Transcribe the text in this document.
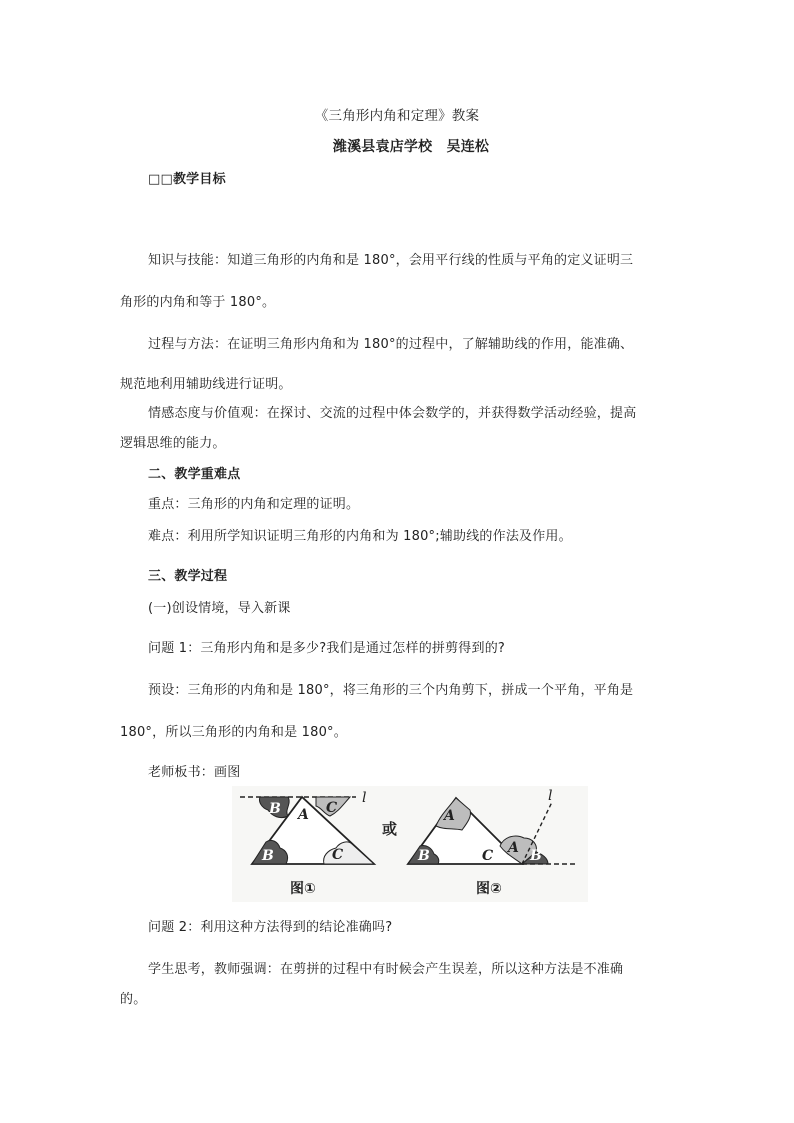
《三角形内角和定理》教案
潍溪县袁店学校　吴连松
□□教学目标
知识与技能：知道三角形的内角和是 180°，会用平行线的性质与平角的定义证明三
角形的内角和等于 180°。
过程与方法：在证明三角形内角和为 180°的过程中，了解辅助线的作用，能准确、
规范地利用辅助线进行证明。
情感态度与价值观：在探讨、交流的过程中体会数学的，并获得数学活动经验，提高
逻辑思维的能力。
二、教学重难点
重点：三角形的内角和定理的证明。
难点：利用所学知识证明三角形的内角和为 180°;辅助线的作法及作用。
三、教学过程
(一)创设情境，导入新课
问题 1：三角形内角和是多少?我们是通过怎样的拼剪得到的?
预设：三角形的内角和是 180°，将三角形的三个内角剪下，拼成一个平角，平角是
180°，所以三角形的内角和是 180°。
老师板书：画图
B A C
l
B	C
图①
或
A
B	C A B
l
图②
问题 2：利用这种方法得到的结论准确吗?
学生思考，教师强调：在剪拼的过程中有时候会产生误差，所以这种方法是不准确
的。
